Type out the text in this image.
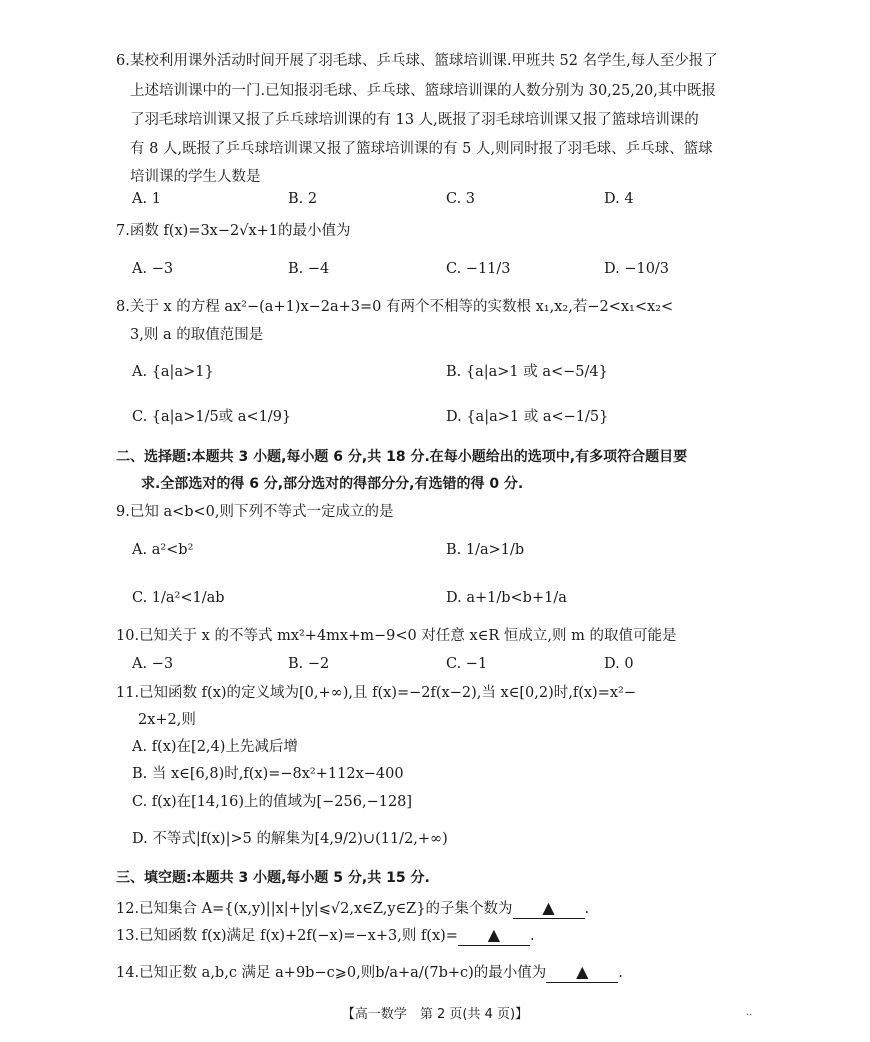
6.某校利用课外活动时间开展了羽毛球、乒乓球、篮球培训课.甲班共 52 名学生,每人至少报了
上述培训课中的一门.已知报羽毛球、乒乓球、篮球培训课的人数分别为 30,25,20,其中既报
了羽毛球培训课又报了乒乓球培训课的有 13 人,既报了羽毛球培训课又报了篮球培训课的
有 8 人,既报了乒乓球培训课又报了篮球培训课的有 5 人,则同时报了羽毛球、乒乓球、篮球
培训课的学生人数是
A. 1	B. 2	C. 3	D. 4
7.函数 f(x)=3x−2√x+1的最小值为
A. −3	B. −4	C. −11/3	D. −10/3
8.关于 x 的方程 ax²−(a+1)x−2a+3=0 有两个不相等的实数根 x₁,x₂,若−2<x₁<x₂<
3,则 a 的取值范围是
A. {a|a>1}	B. {a|a>1 或 a<−5/4}
C. {a|a>1/5或 a<1/9}	D. {a|a>1 或 a<−1/5}
二、选择题:本题共 3 小题,每小题 6 分,共 18 分.在每小题给出的选项中,有多项符合题目要
求.全部选对的得 6 分,部分选对的得部分分,有选错的得 0 分.
9.已知 a<b<0,则下列不等式一定成立的是
A. a²<b²	B. 1/a>1/b
C. 1/a²<1/ab	D. a+1/b<b+1/a
10.已知关于 x 的不等式 mx²+4mx+m−9<0 对任意 x∈R 恒成立,则 m 的取值可能是
A. −3	B. −2	C. −1	D. 0
11.已知函数 f(x)的定义域为[0,+∞),且 f(x)=−2f(x−2),当 x∈[0,2)时,f(x)=x²−
2x+2,则
A. f(x)在[2,4)上先减后增
B. 当 x∈[6,8)时,f(x)=−8x²+112x−400
C. f(x)在[14,16)上的值域为[−256,−128]
D. 不等式|f(x)|>5 的解集为[4,9/2)∪(11/2,+∞)
三、填空题:本题共 3 小题,每小题 5 分,共 15 分.
12.已知集合 A={(x,y)||x|+|y|⩽√2,x∈Z,y∈Z}的子集个数为 ▲ .
13.已知函数 f(x)满足 f(x)+2f(−x)=−x+3,则 f(x)= ▲ .
14.已知正数 a,b,c 满足 a+9b−c⩾0,则b/a+a/(7b+c)的最小值为 ▲ .
【高一数学　第 2 页(共 4 页)】	··
